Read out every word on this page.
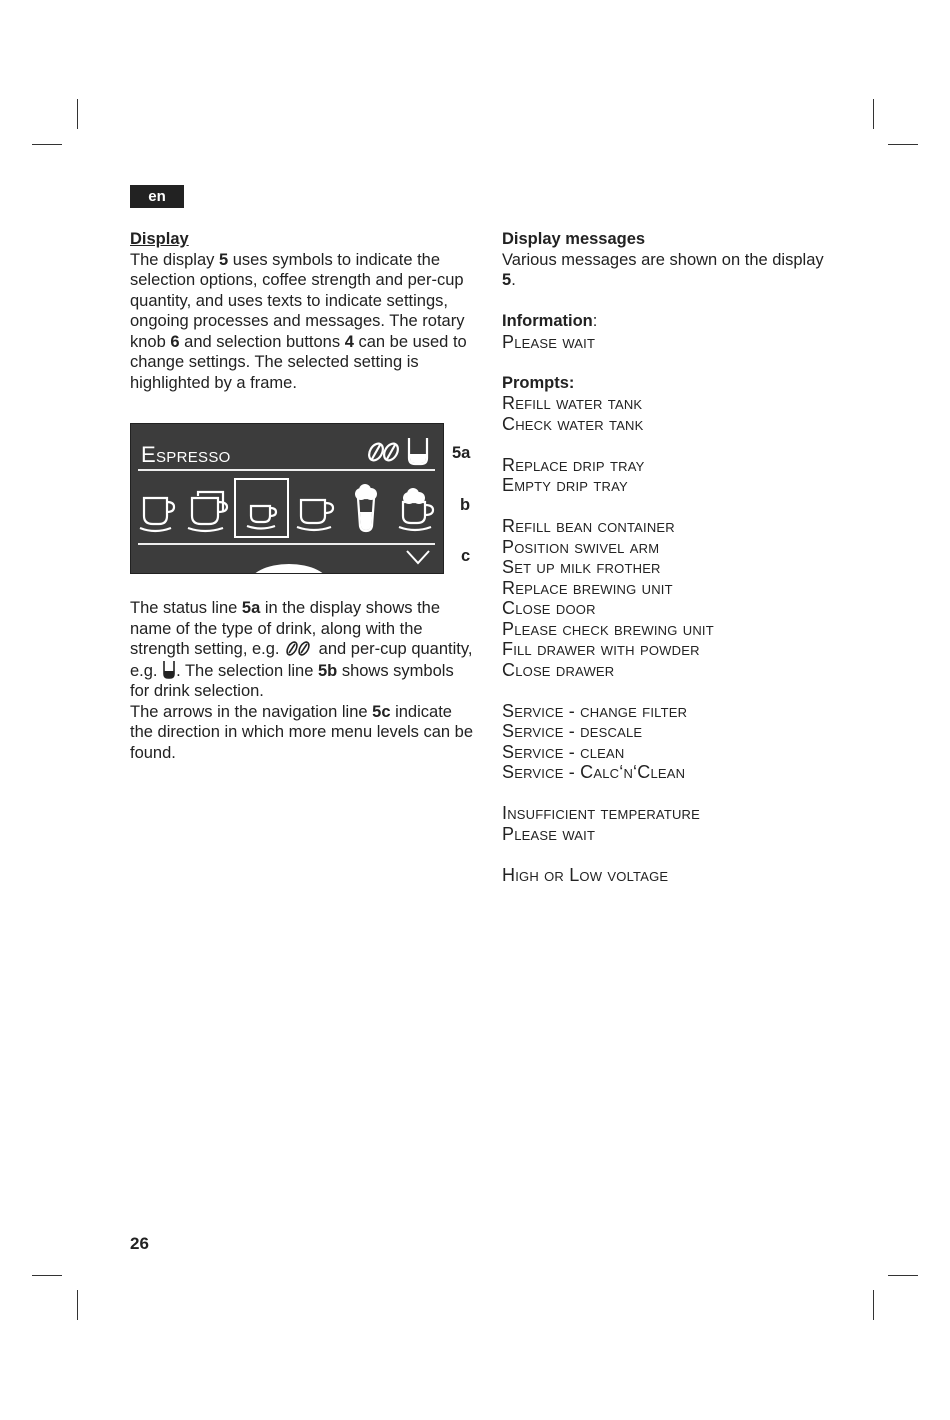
en
Display

The display 5 uses symbols to indicate the selection options, coffee strength and per-cup quantity, and uses texts to indicate settings, ongoing processes and messages. The rotary knob 6 and selection buttons 4 can be used to change settings. The selected setting is highlighted by a frame.

Espresso	5a
b
c

The status line 5a in the display shows the name of the type of drink, along with the strength setting, e.g.  and per-cup quantity, e.g. . The selection line 5b shows symbols for drink selection.

The arrows in the navigation line 5c indicate the direction in which more menu levels can be found.

Display messages

Various messages are shown on the display 5.

Information:
Please wait
Prompts:
Refill water tank
Check water tank
Replace drip tray
Empty drip tray
Refill bean container
Position swivel arm
Set up milk frother
Replace brewing unit
Close door
Please check brewing unit
Fill drawer with powder
Close drawer
Service - change filter
Service - descale
Service - clean
Service - Calc‘n‘Clean
Insufficient temperature
Please wait
High or Low voltage
26
